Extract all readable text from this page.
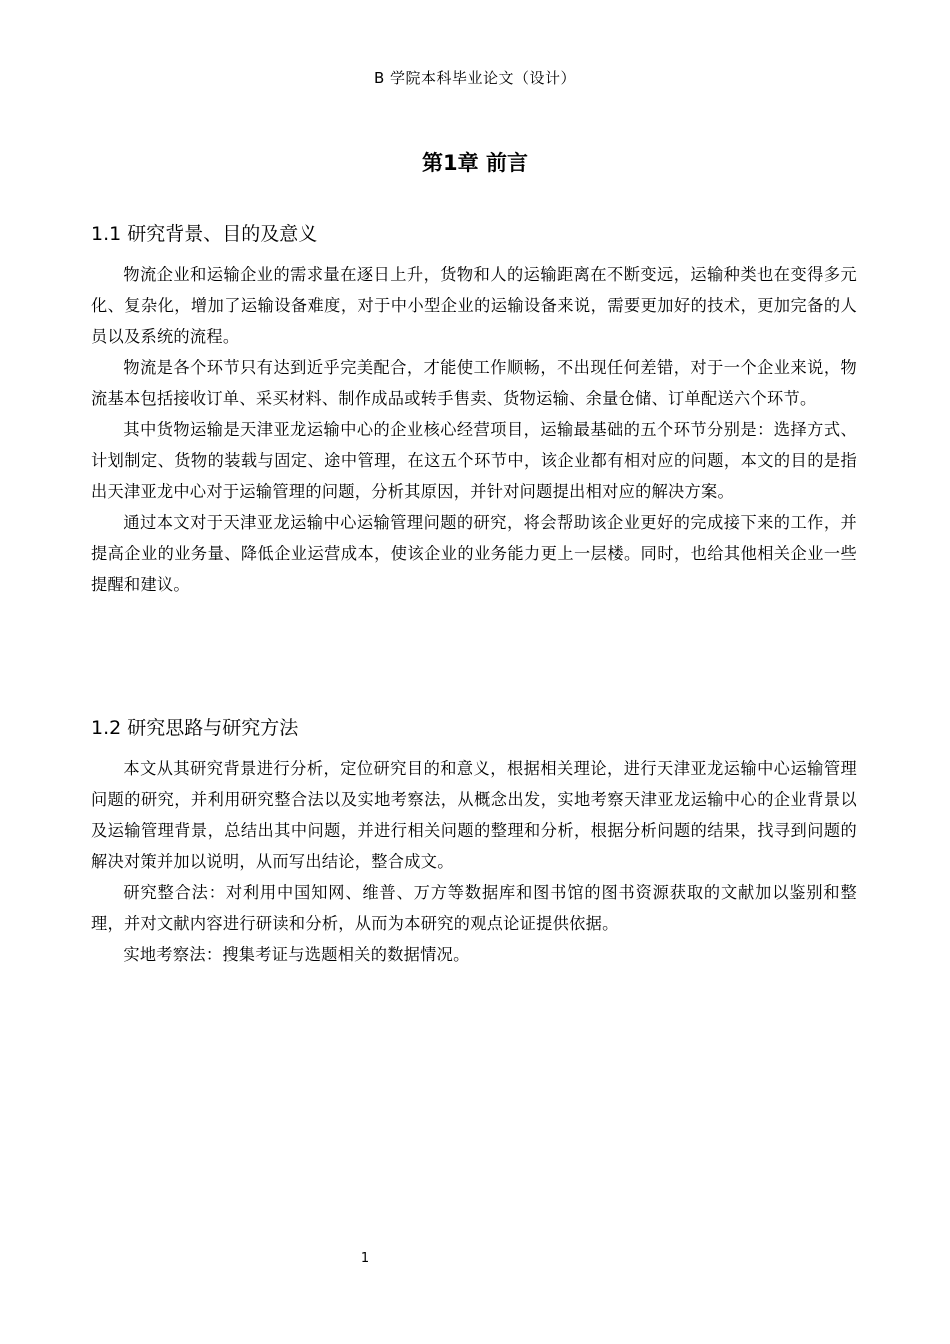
B 学院本科毕业论文（设计）
第1章 前言
1.1 研究背景、目的及意义

物流企业和运输企业的需求量在逐日上升，货物和人的运输距离在不断变远，运输种类也在变得多元化、复杂化，增加了运输设备难度，对于中小型企业的运输设备来说，需要更加好的技术，更加完备的人员以及系统的流程。

物流是各个环节只有达到近乎完美配合，才能使工作顺畅，不出现任何差错，对于一个企业来说，物流基本包括接收订单、采买材料、制作成品或转手售卖、货物运输、余量仓储、订单配送六个环节。

其中货物运输是天津亚龙运输中心的企业核心经营项目，运输最基础的五个环节分别是：选择方式、计划制定、货物的装载与固定、途中管理，在这五个环节中，该企业都有相对应的问题，本文的目的是指出天津亚龙中心对于运输管理的问题，分析其原因，并针对问题提出相对应的解决方案。

通过本文对于天津亚龙运输中心运输管理问题的研究，将会帮助该企业更好的完成接下来的工作，并提高企业的业务量、降低企业运营成本，使该企业的业务能力更上一层楼。同时，也给其他相关企业一些提醒和建议。

1.2 研究思路与研究方法

本文从其研究背景进行分析，定位研究目的和意义，根据相关理论，进行天津亚龙运输中心运输管理问题的研究，并利用研究整合法以及实地考察法，从概念出发，实地考察天津亚龙运输中心的企业背景以及运输管理背景，总结出其中问题，并进行相关问题的整理和分析，根据分析问题的结果，找寻到问题的解决对策并加以说明，从而写出结论，整合成文。

研究整合法：对利用中国知网、维普、万方等数据库和图书馆的图书资源获取的文献加以鉴别和整理，并对文献内容进行研读和分析，从而为本研究的观点论证提供依据。

实地考察法：搜集考证与选题相关的数据情况。

1
